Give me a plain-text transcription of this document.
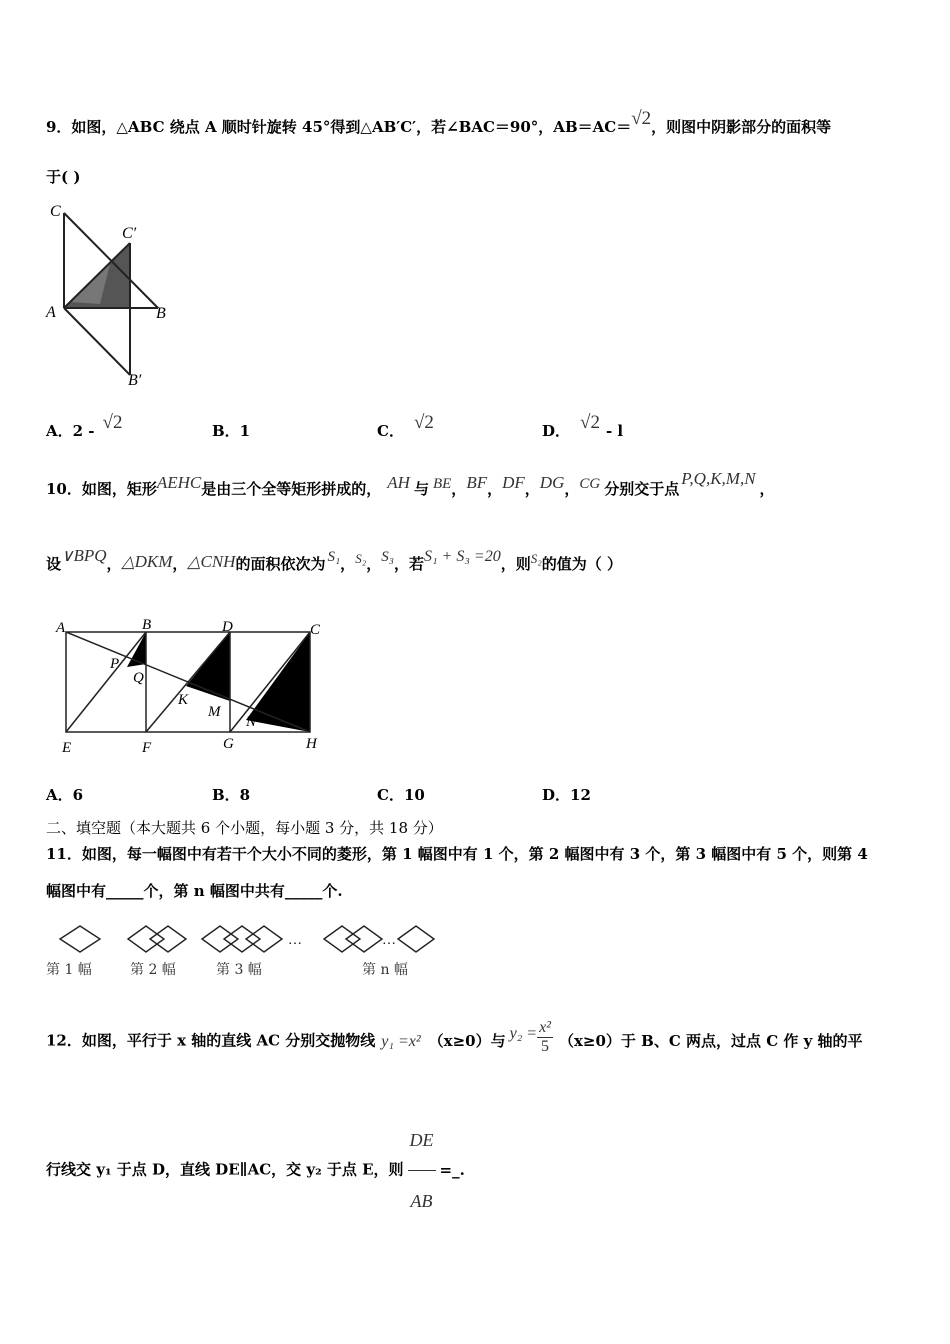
9．如图，△ABC 绕点 A 顺时针旋转 45°得到△AB′C′，若∠BAC＝90°，AB＝AC＝√2，则图中阴影部分的面积等
于( )
C
C′
A	B
B′
A．2 - √2	B．1	C． √2	D． √2 - l
10．如图，矩形AEHC是由三个全等矩形拼成的， AH 与 BE，BF，DF，DG，CG 分别交于点P,Q,K,M,N，
设∨BPQ，△DKM，△CNH的面积依次为 S₁，S₂，S₃，若S₁ + S₃ =20，则S₂的值为（ ）
A	B	D	C
P
Q
K
M
N
E	F	G	H
A．6	B．8	C．10	D．12
二、填空题（本大题共 6 个小题，每小题 3 分，共 18 分）
11．如图，每一幅图中有若干个大小不同的菱形，第 1 幅图中有 1 个，第 2 幅图中有 3 个，第 3 幅图中有 5 个，则第 4
幅图中有_____个，第 n 幅图中共有_____个.
…	…
第 1 幅	第 2 幅	第 3 幅	第 n 幅
12．如图，平行于 x 轴的直线 AC 分别交抛物线 y₁ =x² （x≥0）与 $y_2 = \frac{\text{x²}}{5} (x\ge 0)$于 B、C 两点，过点 C 作 y 轴的平
行线交 y₁ 于点 D，直线 DE∥AC，交 y₂ 于点 E，则 $\frac{DE}{AB}$ =_.
